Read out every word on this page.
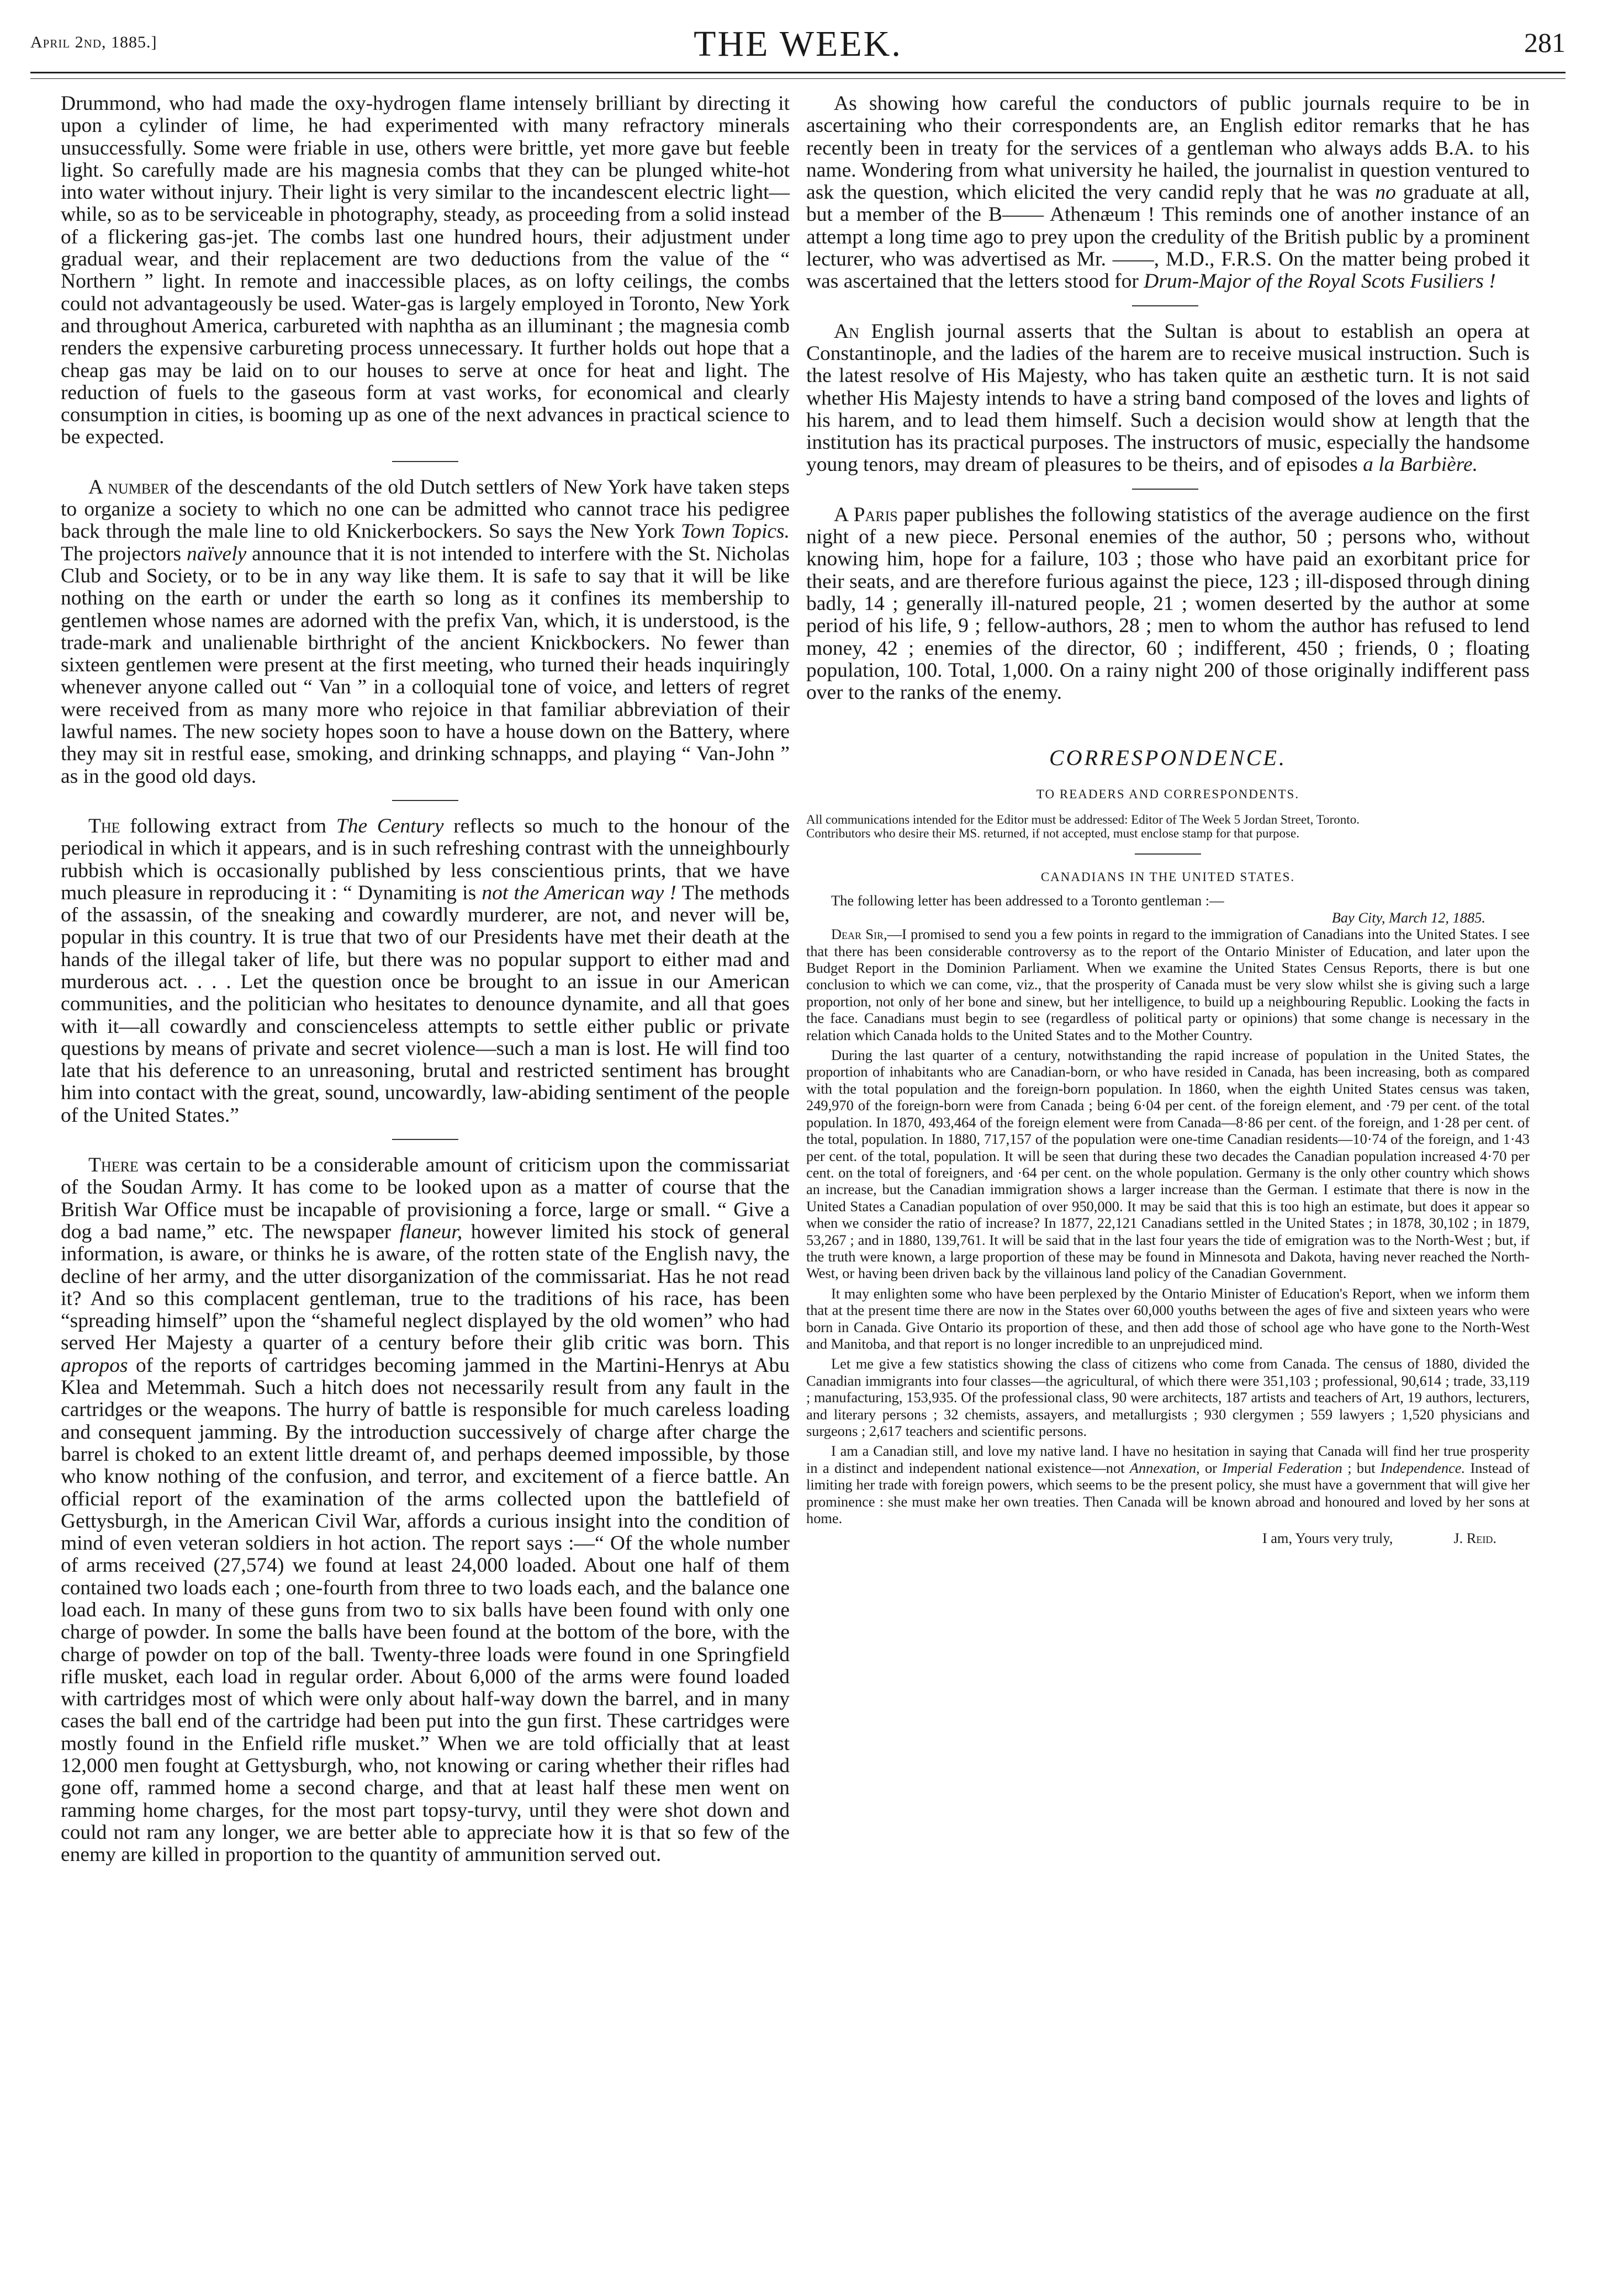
April 2nd, 1885.]	THE WEEK.	281

Drummond, who had made the oxy-hydrogen flame intensely brilliant by directing it upon a cylinder of lime, he had experimented with many refractory minerals unsuccessfully. Some were friable in use, others were brittle, yet more gave but feeble light. So carefully made are his magnesia combs that they can be plunged white-hot into water without injury. Their light is very similar to the incandescent electric light—while, so as to be serviceable in photography, steady, as proceeding from a solid instead of a flickering gas-jet. The combs last one hundred hours, their adjustment under gradual wear, and their replacement are two deductions from the value of the “ Northern ” light. In remote and inaccessible places, as on lofty ceilings, the combs could not advantageously be used. Water-gas is largely employed in Toronto, New York and throughout America, carbureted with naphtha as an illuminant ; the magnesia comb renders the expensive carbureting process unnecessary. It further holds out hope that a cheap gas may be laid on to our houses to serve at once for heat and light. The reduction of fuels to the gaseous form at vast works, for economical and clearly consumption in cities, is booming up as one of the next advances in practical science to be expected.

A number of the descendants of the old Dutch settlers of New York have taken steps to organize a society to which no one can be admitted who cannot trace his pedigree back through the male line to old Knickerbockers. So says the New York Town Topics. The projectors naïvely announce that it is not intended to interfere with the St. Nicholas Club and Society, or to be in any way like them. It is safe to say that it will be like nothing on the earth or under the earth so long as it confines its membership to gentlemen whose names are adorned with the prefix Van, which, it is understood, is the trade-mark and unalienable birthright of the ancient Knickbockers. No fewer than sixteen gentlemen were present at the first meeting, who turned their heads inquiringly whenever anyone called out “ Van ” in a colloquial tone of voice, and letters of regret were received from as many more who rejoice in that familiar abbreviation of their lawful names. The new society hopes soon to have a house down on the Battery, where they may sit in restful ease, smoking, and drinking schnapps, and playing “ Van-John ” as in the good old days.

The following extract from The Century reflects so much to the honour of the periodical in which it appears, and is in such refreshing contrast with the unneighbourly rubbish which is occasionally published by less conscientious prints, that we have much pleasure in reproducing it : “ Dynamiting is not the American way ! The methods of the assassin, of the sneaking and cowardly murderer, are not, and never will be, popular in this country. It is true that two of our Presidents have met their death at the hands of the illegal taker of life, but there was no popular support to either mad and murderous act. . . . Let the question once be brought to an issue in our American communities, and the politician who hesitates to denounce dynamite, and all that goes with it—all cowardly and conscienceless attempts to settle either public or private questions by means of private and secret violence—such a man is lost. He will find too late that his deference to an unreasoning, brutal and restricted sentiment has brought him into contact with the great, sound, uncowardly, law-abiding sentiment of the people of the United States.”

There was certain to be a considerable amount of criticism upon the commissariat of the Soudan Army. It has come to be looked upon as a matter of course that the British War Office must be incapable of provisioning a force, large or small. “ Give a dog a bad name,” etc. The newspaper flaneur, however limited his stock of general information, is aware, or thinks he is aware, of the rotten state of the English navy, the decline of her army, and the utter disorganization of the commissariat. Has he not read it? And so this complacent gentleman, true to the traditions of his race, has been “spreading himself” upon the “shameful neglect displayed by the old women” who had served Her Majesty a quarter of a century before their glib critic was born. This apropos of the reports of cartridges becoming jammed in the Martini-Henrys at Abu Klea and Metemmah. Such a hitch does not necessarily result from any fault in the cartridges or the weapons. The hurry of battle is responsible for much careless loading and consequent jamming. By the introduction successively of charge after charge the barrel is choked to an extent little dreamt of, and perhaps deemed impossible, by those who know nothing of the confusion, and terror, and excitement of a fierce battle. An official report of the examination of the arms collected upon the battlefield of Gettysburgh, in the American Civil War, affords a curious insight into the condition of mind of even veteran soldiers in hot action. The report says :—“ Of the whole number of arms received (27,574) we found at least 24,000 loaded. About one half of them contained two loads each ; one-fourth from three to two loads each, and the balance one load each. In many of these guns from two to six balls have been found with only one charge of powder. In some the balls have been found at the bottom of the bore, with the charge of powder on top of the ball. Twenty-three loads were found in one Springfield rifle musket, each load in regular order. About 6,000 of the arms were found loaded with cartridges most of which were only about half-way down the barrel, and in many cases the ball end of the cartridge had been put into the gun first. These cartridges were mostly found in the Enfield rifle musket.” When we are told officially that at least 12,000 men fought at Gettysburgh, who, not knowing or caring whether their rifles had gone off, rammed home a second charge, and that at least half these men went on ramming home charges, for the most part topsy-turvy, until they were shot down and could not ram any longer, we are better able to appreciate how it is that so few of the enemy are killed in proportion to the quantity of ammunition served out.

As showing how careful the conductors of public journals require to be in ascertaining who their correspondents are, an English editor remarks that he has recently been in treaty for the services of a gentleman who always adds B.A. to his name. Wondering from what university he hailed, the journalist in question ventured to ask the question, which elicited the very candid reply that he was no graduate at all, but a member of the B—— Athenæum ! This reminds one of another instance of an attempt a long time ago to prey upon the credulity of the British public by a prominent lecturer, who was advertised as Mr. ——, M.D., F.R.S. On the matter being probed it was ascertained that the letters stood for Drum-Major of the Royal Scots Fusiliers !

An English journal asserts that the Sultan is about to establish an opera at Constantinople, and the ladies of the harem are to receive musical instruction. Such is the latest resolve of His Majesty, who has taken quite an æsthetic turn. It is not said whether His Majesty intends to have a string band composed of the loves and lights of his harem, and to lead them himself. Such a decision would show at length that the institution has its practical purposes. The instructors of music, especially the handsome young tenors, may dream of pleasures to be theirs, and of episodes a la Barbière.

A Paris paper publishes the following statistics of the average audience on the first night of a new piece. Personal enemies of the author, 50 ; persons who, without knowing him, hope for a failure, 103 ; those who have paid an exorbitant price for their seats, and are therefore furious against the piece, 123 ; ill-disposed through dining badly, 14 ; generally ill-natured people, 21 ; women deserted by the author at some period of his life, 9 ; fellow-authors, 28 ; men to whom the author has refused to lend money, 42 ; enemies of the director, 60 ; indifferent, 450 ; friends, 0 ; floating population, 100. Total, 1,000. On a rainy night 200 of those originally indifferent pass over to the ranks of the enemy.

CORRESPONDENCE.
TO READERS AND CORRESPONDENTS.

All communications intended for the Editor must be addressed: Editor of The Week 5 Jordan Street, Toronto.

Contributors who desire their MS. returned, if not accepted, must enclose stamp for that purpose.

CANADIANS IN THE UNITED STATES.

The following letter has been addressed to a Toronto gentleman :—

Bay City, March 12, 1885.

Dear Sir,—I promised to send you a few points in regard to the immigration of Canadians into the United States. I see that there has been considerable controversy as to the report of the Ontario Minister of Education, and later upon the Budget Report in the Dominion Parliament. When we examine the United States Census Reports, there is but one conclusion to which we can come, viz., that the prosperity of Canada must be very slow whilst she is giving such a large proportion, not only of her bone and sinew, but her intelligence, to build up a neighbouring Republic. Looking the facts in the face. Canadians must begin to see (regardless of political party or opinions) that some change is necessary in the relation which Canada holds to the United States and to the Mother Country.

During the last quarter of a century, notwithstanding the rapid increase of population in the United States, the proportion of inhabitants who are Canadian-born, or who have resided in Canada, has been increasing, both as compared with the total population and the foreign-born population. In 1860, when the eighth United States census was taken, 249,970 of the foreign-born were from Canada ; being 6·04 per cent. of the foreign element, and ·79 per cent. of the total population. In 1870, 493,464 of the foreign element were from Canada—8·86 per cent. of the foreign, and 1·28 per cent. of the total, population. In 1880, 717,157 of the population were one-time Canadian residents—10·74 of the foreign, and 1·43 per cent. of the total, population. It will be seen that during these two decades the Canadian population increased 4·70 per cent. on the total of foreigners, and ·64 per cent. on the whole population. Germany is the only other country which shows an increase, but the Canadian immigration shows a larger increase than the German. I estimate that there is now in the United States a Canadian population of over 950,000. It may be said that this is too high an estimate, but does it appear so when we consider the ratio of increase? In 1877, 22,121 Canadians settled in the United States ; in 1878, 30,102 ; in 1879, 53,267 ; and in 1880, 139,761. It will be said that in the last four years the tide of emigration was to the North-West ; but, if the truth were known, a large proportion of these may be found in Minnesota and Dakota, having never reached the North-West, or having been driven back by the villainous land policy of the Canadian Government.

It may enlighten some who have been perplexed by the Ontario Minister of Education's Report, when we inform them that at the present time there are now in the States over 60,000 youths between the ages of five and sixteen years who were born in Canada. Give Ontario its proportion of these, and then add those of school age who have gone to the North-West and Manitoba, and that report is no longer incredible to an unprejudiced mind.

Let me give a few statistics showing the class of citizens who come from Canada. The census of 1880, divided the Canadian immigrants into four classes—the agricultural, of which there were 351,103 ; professional, 90,614 ; trade, 33,119 ; manufacturing, 153,935. Of the professional class, 90 were architects, 187 artists and teachers of Art, 19 authors, lecturers, and literary persons ; 32 chemists, assayers, and metallurgists ; 930 clergymen ; 559 lawyers ; 1,520 physicians and surgeons ; 2,617 teachers and scientific persons.

I am a Canadian still, and love my native land. I have no hesitation in saying that Canada will find her true prosperity in a distinct and independent national existence—not Annexation, or Imperial Federation ; but Independence. Instead of limiting her trade with foreign powers, which seems to be the present policy, she must have a government that will give her prominence : she must make her own treaties. Then Canada will be known abroad and honoured and loved by her sons at home.

I am, Yours very truly,	J. Reid.
